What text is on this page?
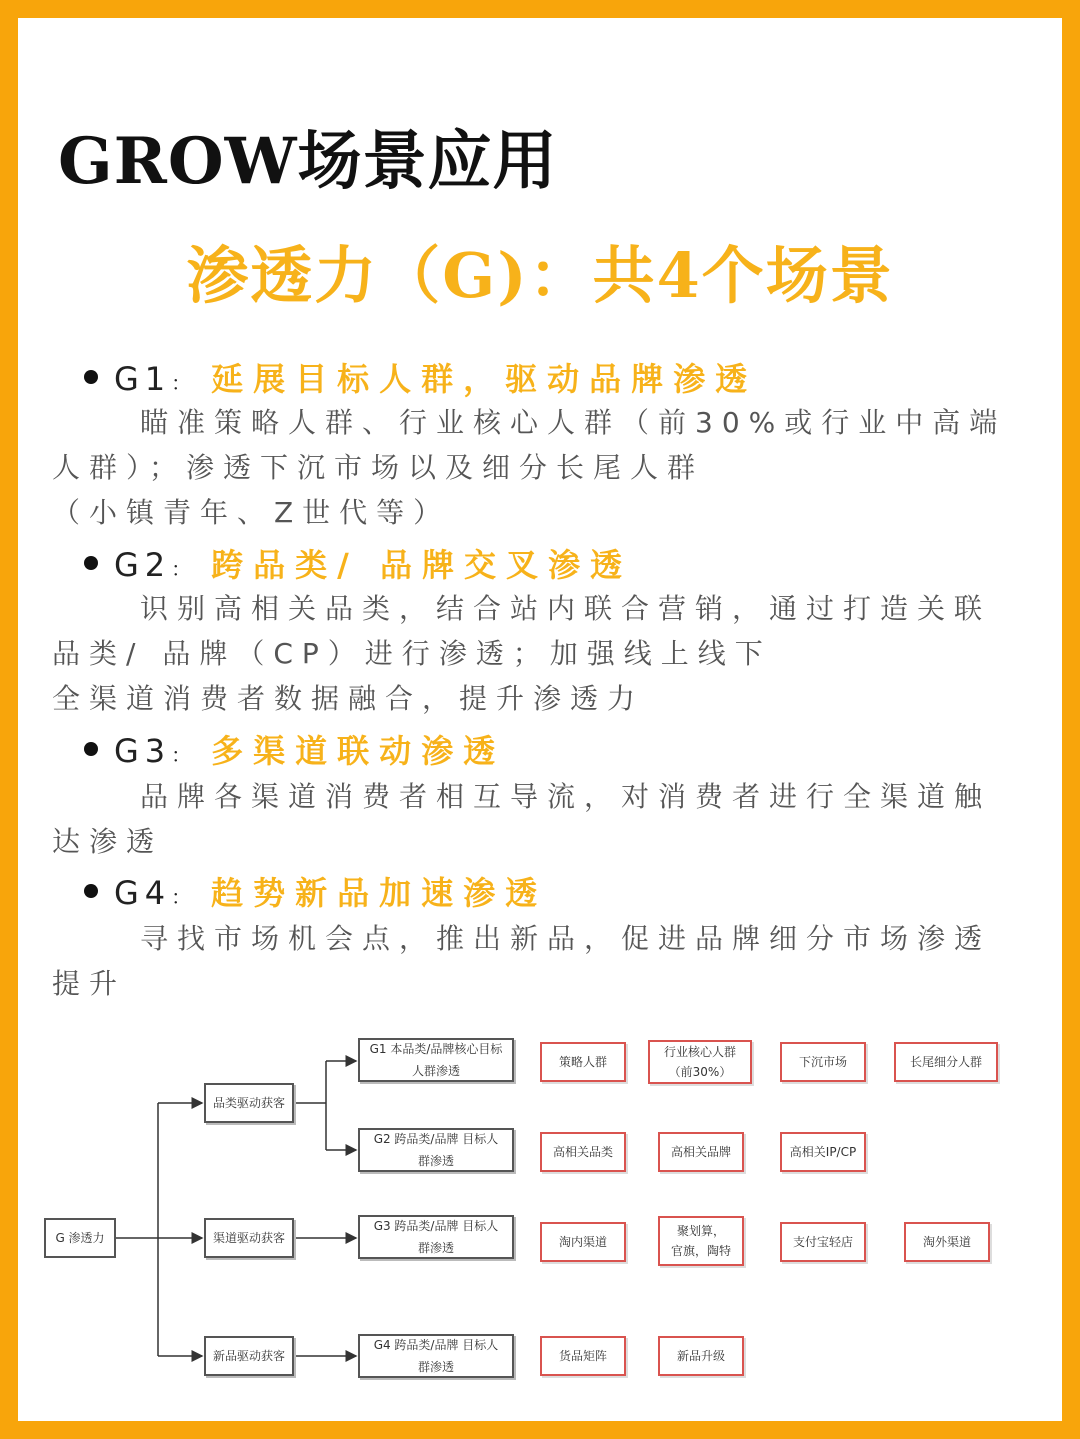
GROW场景应用
渗透力（G)：共4个场景
G1： 延展目标人群，驱动品牌渗透
瞄准策略人群、行业核心人群（前30%或行业中高端
人群）；渗透下沉市场以及细分长尾人群
（小镇青年、Z世代等）
G2： 跨品类/ 品牌交叉渗透
识别高相关品类，结合站内联合营销，通过打造关联
品类/ 品牌（CP）进行渗透；加强线上线下
全渠道消费者数据融合，提升渗透力
G3： 多渠道联动渗透
品牌各渠道消费者相互导流，对消费者进行全渠道触
达渗透
G4： 趋势新品加速渗透
寻找市场机会点，推出新品，促进品牌细分市场渗透
提升
G 渗透力
品类驱动获客
渠道驱动获客
新品驱动获客
G1 本品类/品牌核心目标
人群渗透
G2 跨品类/品牌 目标人
群渗透
G3 跨品类/品牌 目标人
群渗透
G4 跨品类/品牌 目标人
群渗透
策略人群
行业核心人群
（前30%）
下沉市场	长尾细分人群
高相关品类	高相关品牌	高相关IP/CP
淘内渠道
聚划算，
官旗，陶特
支付宝轻店	淘外渠道
货品矩阵	新品升级
